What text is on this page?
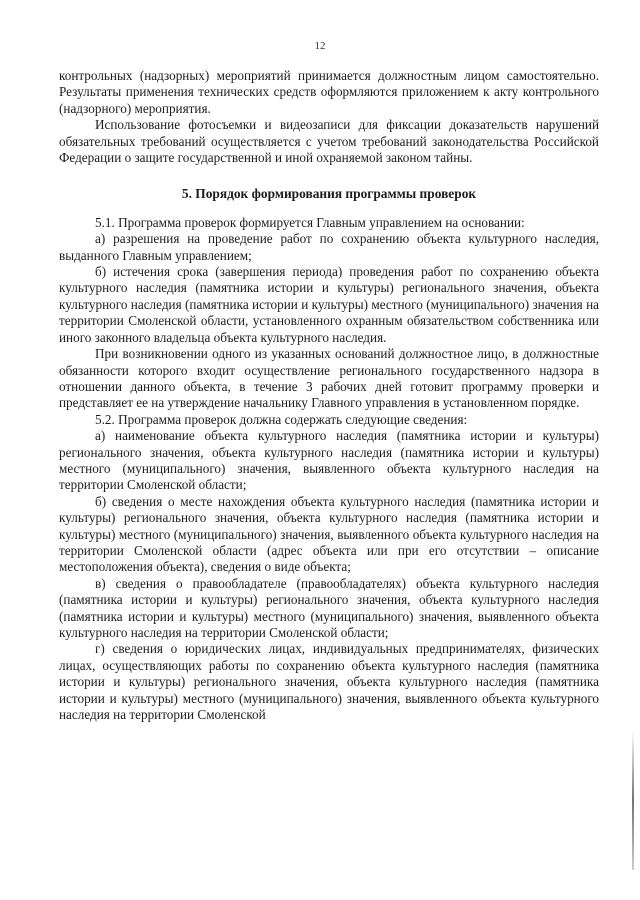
12

контрольных (надзорных) мероприятий принимается должностным лицом самостоятельно. Результаты применения технических средств оформляются приложением к акту контрольного (надзорного) мероприятия.

Использование фотосъемки и видеозаписи для фиксации доказательств нарушений обязательных требований осуществляется с учетом требований законодательства Российской Федерации о защите государственной и иной охраняемой законом тайны.

5. Порядок формирования программы проверок

5.1. Программа проверок формируется Главным управлением на основании:

а) разрешения на проведение работ по сохранению объекта культурного наследия, выданного Главным управлением;

б) истечения срока (завершения периода) проведения работ по сохранению объекта культурного наследия (памятника истории и культуры) регионального значения, объекта культурного наследия (памятника истории и культуры) местного (муниципального) значения на территории Смоленской области, установленного охранным обязательством собственника или иного законного владельца объекта культурного наследия.

При возникновении одного из указанных оснований должностное лицо, в должностные обязанности которого входит осуществление регионального государственного надзора в отношении данного объекта, в течение 3 рабочих дней готовит программу проверки и представляет ее на утверждение начальнику Главного управления в установленном порядке.

5.2. Программа проверок должна содержать следующие сведения:

а) наименование объекта культурного наследия (памятника истории и культуры) регионального значения, объекта культурного наследия (памятника истории и культуры) местного (муниципального) значения, выявленного объекта культурного наследия на территории Смоленской области;

б) сведения о месте нахождения объекта культурного наследия (памятника истории и культуры) регионального значения, объекта культурного наследия (памятника истории и культуры) местного (муниципального) значения, выявленного объекта культурного наследия на территории Смоленской области (адрес объекта или при его отсутствии – описание местоположения объекта), сведения о виде объекта;

в) сведения о правообладателе (правообладателях) объекта культурного наследия (памятника истории и культуры) регионального значения, объекта культурного наследия (памятника истории и культуры) местного (муниципального) значения, выявленного объекта культурного наследия на территории Смоленской области;

г) сведения о юридических лицах, индивидуальных предпринимателях, физических лицах, осуществляющих работы по сохранению объекта культурного наследия (памятника истории и культуры) регионального значения, объекта культурного наследия (памятника истории и культуры) местного (муниципального) значения, выявленного объекта культурного наследия на территории Смоленской
